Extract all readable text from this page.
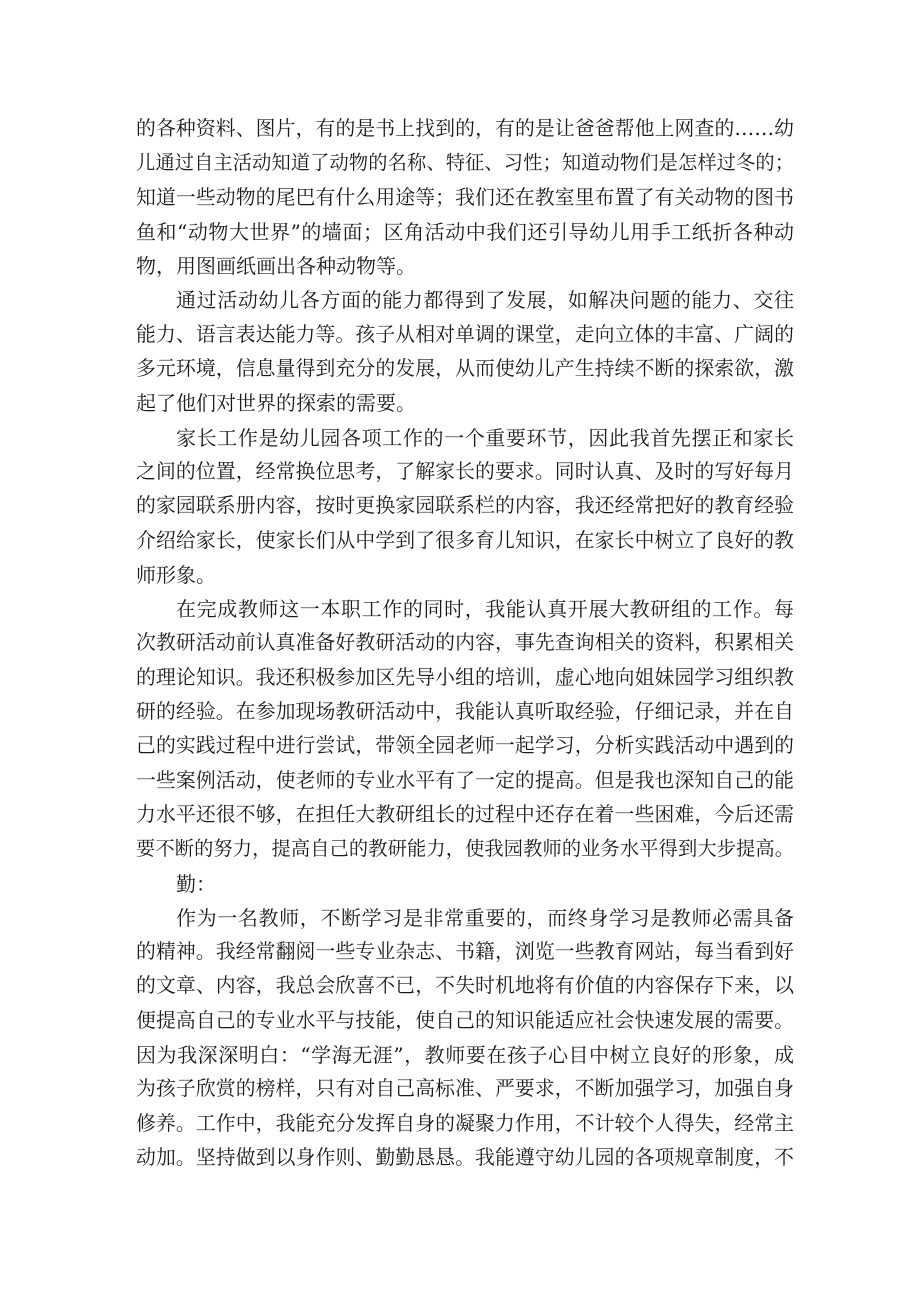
的各种资料、图片，有的是书上找到的，有的是让爸爸帮他上网查的……幼
儿通过自主活动知道了动物的名称、特征、习性；知道动物们是怎样过冬的；
知道一些动物的尾巴有什么用途等；我们还在教室里布置了有关动物的图书
鱼和“动物大世界”的墙面；区角活动中我们还引导幼儿用手工纸折各种动
物，用图画纸画出各种动物等。
通过活动幼儿各方面的能力都得到了发展，如解决问题的能力、交往
能力、语言表达能力等。孩子从相对单调的课堂，走向立体的丰富、广阔的
多元环境，信息量得到充分的发展，从而使幼儿产生持续不断的探索欲，激
起了他们对世界的探索的需要。
家长工作是幼儿园各项工作的一个重要环节，因此我首先摆正和家长
之间的位置，经常换位思考，了解家长的要求。同时认真、及时的写好每月
的家园联系册内容，按时更换家园联系栏的内容，我还经常把好的教育经验
介绍给家长，使家长们从中学到了很多育儿知识，在家长中树立了良好的教
师形象。
在完成教师这一本职工作的同时，我能认真开展大教研组的工作。每
次教研活动前认真准备好教研活动的内容，事先查询相关的资料，积累相关
的理论知识。我还积极参加区先导小组的培训，虚心地向姐妹园学习组织教
研的经验。在参加现场教研活动中，我能认真听取经验，仔细记录，并在自
己的实践过程中进行尝试，带领全园老师一起学习，分析实践活动中遇到的
一些案例活动，使老师的专业水平有了一定的提高。但是我也深知自己的能
力水平还很不够，在担任大教研组长的过程中还存在着一些困难，今后还需
要不断的努力，提高自己的教研能力，使我园教师的业务水平得到大步提高。
勤：
作为一名教师，不断学习是非常重要的，而终身学习是教师必需具备
的精神。我经常翻阅一些专业杂志、书籍，浏览一些教育网站，每当看到好
的文章、内容，我总会欣喜不已，不失时机地将有价值的内容保存下来，以
便提高自己的专业水平与技能，使自己的知识能适应社会快速发展的需要。
因为我深深明白：“学海无涯”，教师要在孩子心目中树立良好的形象，成
为孩子欣赏的榜样，只有对自己高标准、严要求，不断加强学习，加强自身
修养。工作中，我能充分发挥自身的凝聚力作用，不计较个人得失，经常主
动加。坚持做到以身作则、勤勤恳恳。我能遵守幼儿园的各项规章制度，不
